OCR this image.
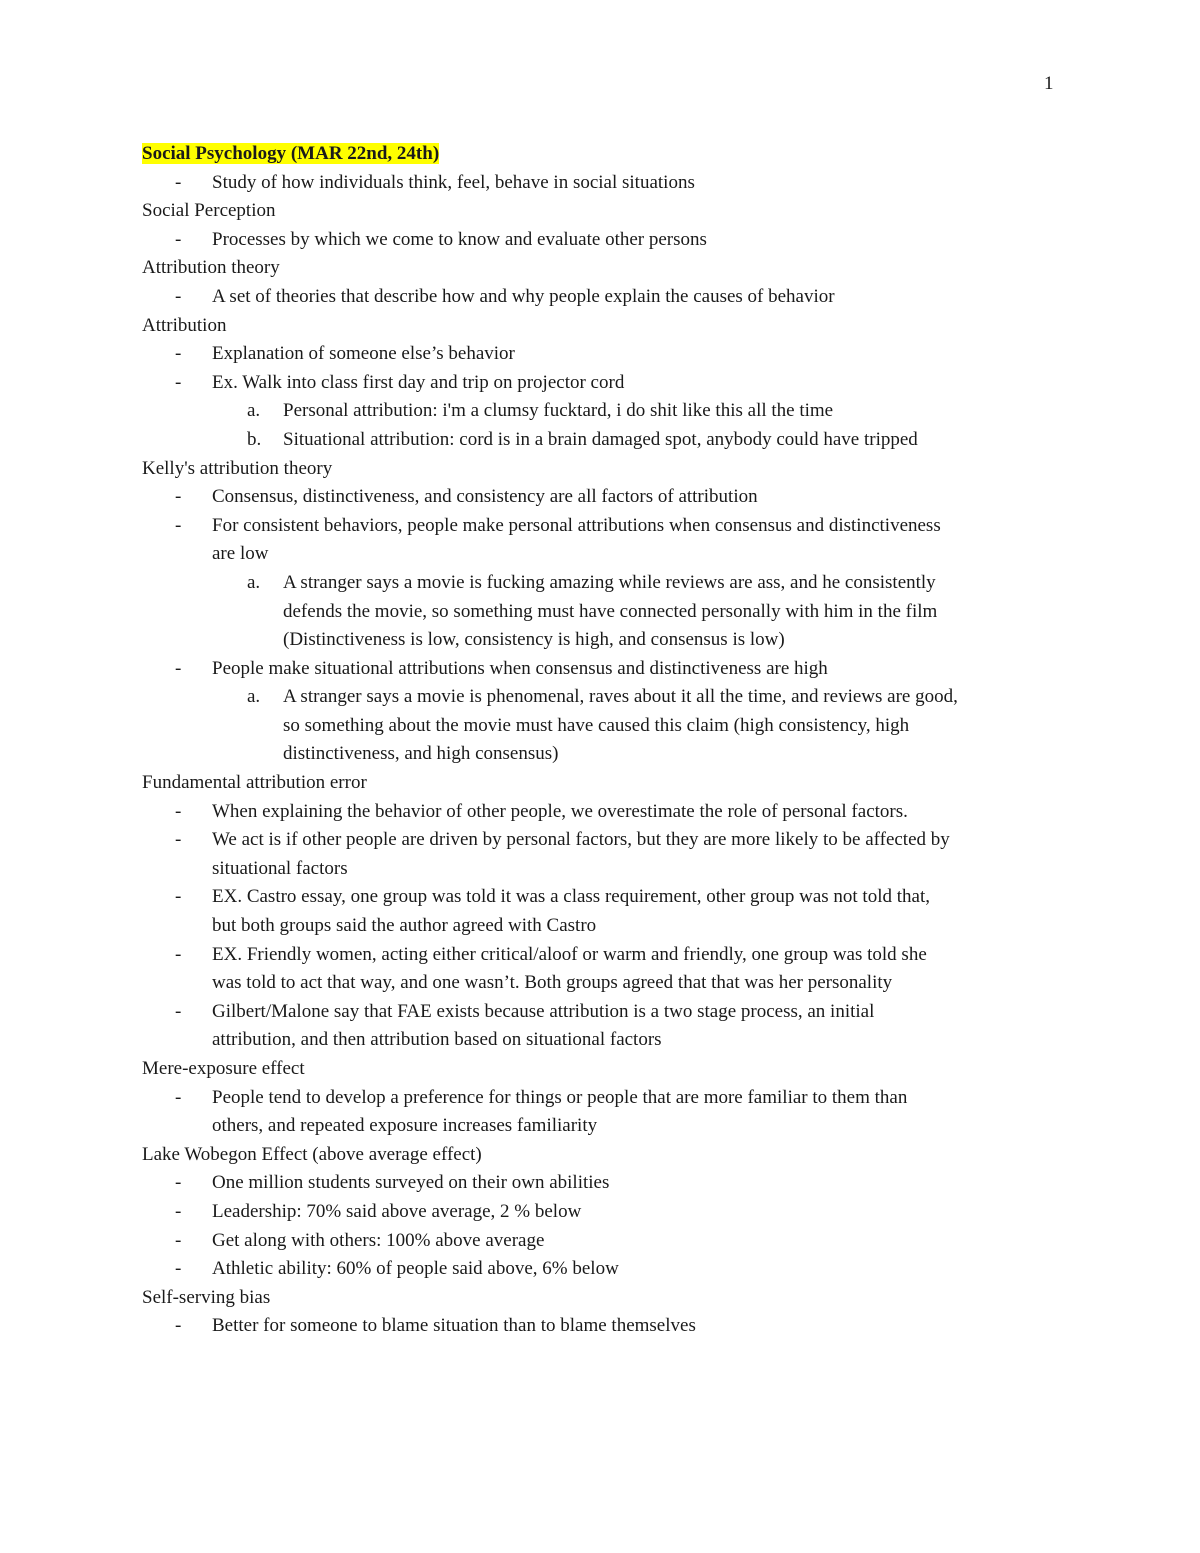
1
Social Psychology (MAR 22nd, 24th)
- Study of how individuals think, feel, behave in social situations
Social Perception
- Processes by which we come to know and evaluate other persons
Attribution theory
- A set of theories that describe how and why people explain the causes of behavior
Attribution
- Explanation of someone else’s behavior
- Ex. Walk into class first day and trip on projector cord
a. Personal attribution: i'm a clumsy fucktard, i do shit like this all the time
b. Situational attribution: cord is in a brain damaged spot, anybody could have tripped
Kelly's attribution theory
- Consensus, distinctiveness, and consistency are all factors of attribution
- For consistent behaviors, people make personal attributions when consensus and distinctiveness
are low
a. A stranger says a movie is fucking amazing while reviews are ass, and he consistently
defends the movie, so something must have connected personally with him in the film
(Distinctiveness is low, consistency is high, and consensus is low)
- People make situational attributions when consensus and distinctiveness are high
a. A stranger says a movie is phenomenal, raves about it all the time, and reviews are good,
so something about the movie must have caused this claim (high consistency, high
distinctiveness, and high consensus)
Fundamental attribution error
- When explaining the behavior of other people, we overestimate the role of personal factors.
- We act is if other people are driven by personal factors, but they are more likely to be affected by
situational factors
- EX. Castro essay, one group was told it was a class requirement, other group was not told that,
but both groups said the author agreed with Castro
- EX. Friendly women, acting either critical/aloof or warm and friendly, one group was told she
was told to act that way, and one wasn’t. Both groups agreed that that was her personality
- Gilbert/Malone say that FAE exists because attribution is a two stage process, an initial
attribution, and then attribution based on situational factors
Mere-exposure effect
- People tend to develop a preference for things or people that are more familiar to them than
others, and repeated exposure increases familiarity
Lake Wobegon Effect (above average effect)
- One million students surveyed on their own abilities
- Leadership: 70% said above average, 2 % below
- Get along with others: 100% above average
- Athletic ability: 60% of people said above, 6% below
Self-serving bias
- Better for someone to blame situation than to blame themselves
